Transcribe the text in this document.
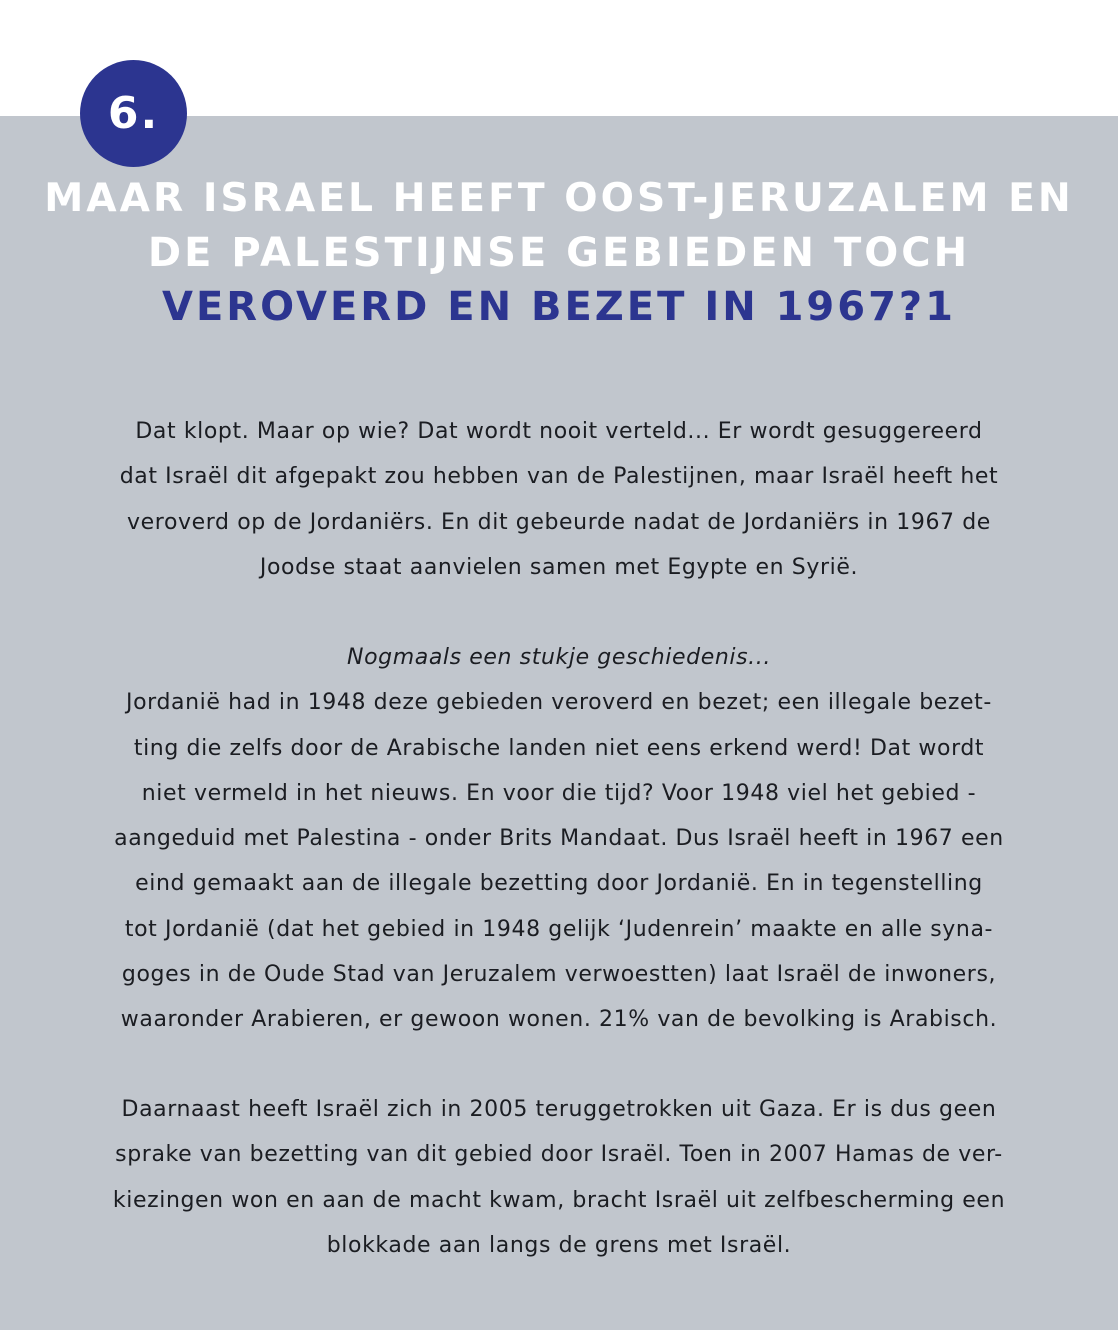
6.
MAAR ISRAEL HEEFT OOST-JERUZALEM EN
DE PALESTIJNSE GEBIEDEN TOCH
VEROVERD EN BEZET IN 1967?1
Dat klopt. Maar op wie? Dat wordt nooit verteld... Er wordt gesuggereerd
dat Israël dit afgepakt zou hebben van de Palestijnen, maar Israël heeft het
veroverd op de Jordaniërs. En dit gebeurde nadat de Jordaniërs in 1967 de
Joodse staat aanvielen samen met Egypte en Syrië.
Nogmaals een stukje geschiedenis...
Jordanië had in 1948 deze gebieden veroverd en bezet; een illegale bezet-
ting die zelfs door de Arabische landen niet eens erkend werd! Dat wordt
niet vermeld in het nieuws. En voor die tijd? Voor 1948 viel het gebied -
aangeduid met Palestina - onder Brits Mandaat. Dus Israël heeft in 1967 een
eind gemaakt aan de illegale bezetting door Jordanië. En in tegenstelling
tot Jordanië (dat het gebied in 1948 gelijk ‘Judenrein’ maakte en alle syna-
goges in de Oude Stad van Jeruzalem verwoestten) laat Israël de inwoners,
waaronder Arabieren, er gewoon wonen. 21% van de bevolking is Arabisch.
Daarnaast heeft Israël zich in 2005 teruggetrokken uit Gaza. Er is dus geen
sprake van bezetting van dit gebied door Israël. Toen in 2007 Hamas de ver-
kiezingen won en aan de macht kwam, bracht Israël uit zelfbescherming een
blokkade aan langs de grens met Israël.
